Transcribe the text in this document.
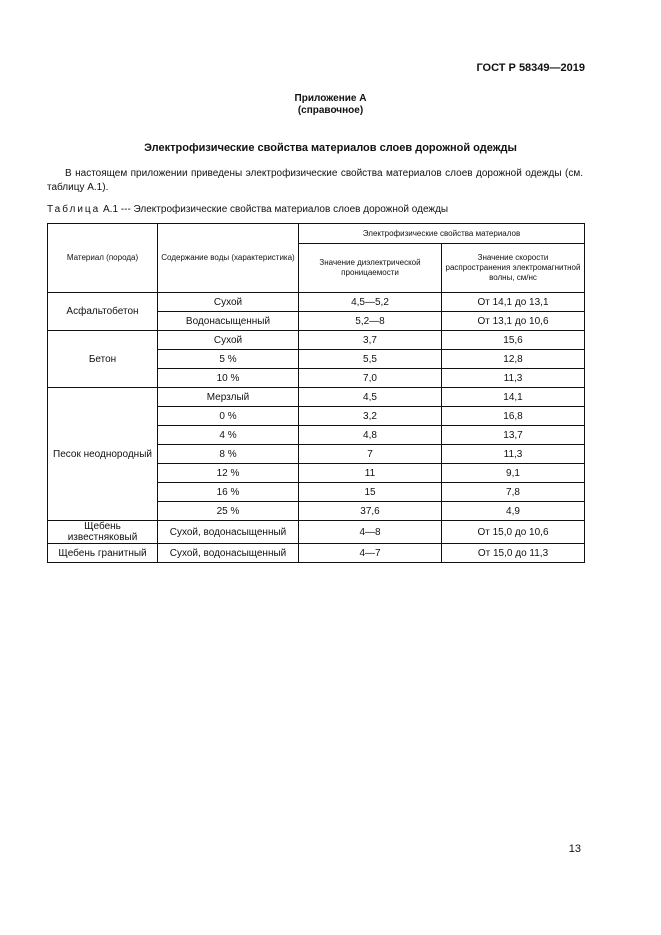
ГОСТ Р 58349—2019
Приложение А
(справочное)
Электрофизические свойства материалов слоев дорожной одежды
В настоящем приложении приведены электрофизические свойства материалов слоев дорожной одежды (см. таблицу А.1).
Таблица А.1 --- Электрофизические свойства материалов слоев дорожной одежды
Материал (порода)	Содержание воды (характеристика)	Электрофизические свойства материалов	
		Значение диэлектрической проницаемости	Значение скорости распространения электромагнитной волны, см/нс
Асфальтобетон	Сухой	4,5—5,2	От 14,1 до 13,1
	Водонасыщенный	5,2—8	От 13,1 до 10,6
Бетон	Сухой	3,7	15,6
	5 %	5,5	12,8
	10 %	7,0	11,3
Песок неоднородный	Мерзлый	4,5	14,1
	0 %	3,2	16,8
	4 %	4,8	13,7
	8 %	7	11,3
	12 %	11	9,1
	16 %	15	7,8
	25 %	37,6	4,9
Щебень известняковый	Сухой, водонасыщенный	4—8	От 15,0 до 10,6
Щебень гранитный	Сухой, водонасыщенный	4—7	От 15,0 до 11,3
13
